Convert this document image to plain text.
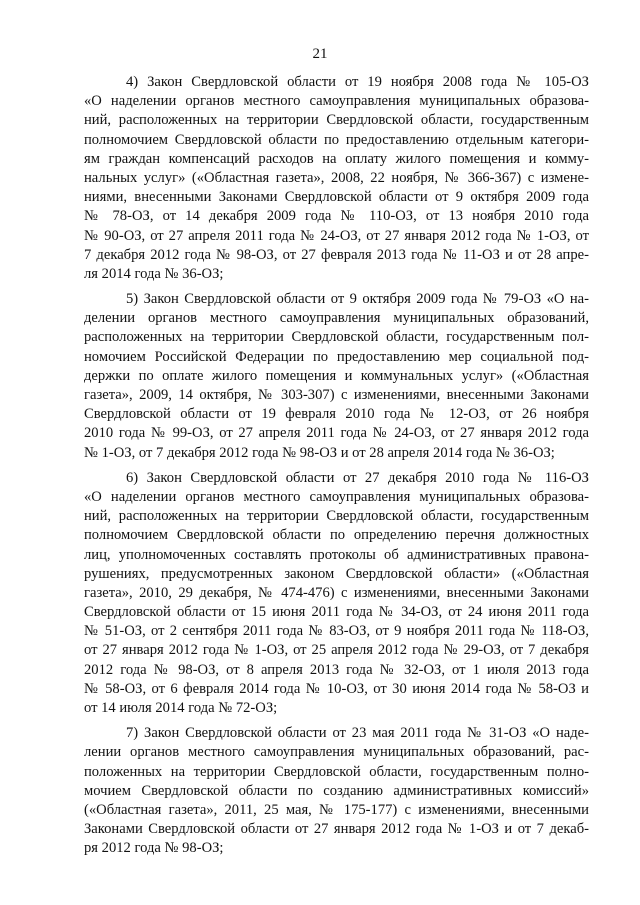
21
4) Закон Свердловской области от 19 ноября 2008 года № 105-ОЗ
«О наделении органов местного самоуправления муниципальных образова-
ний, расположенных на территории Свердловской области, государственным
полномочием Свердловской области по предоставлению отдельным категори-
ям граждан компенсаций расходов на оплату жилого помещения и комму-
нальных услуг» («Областная газета», 2008, 22 ноября, № 366-367) с измене-
ниями, внесенными Законами Свердловской области от 9 октября 2009 года
№ 78-ОЗ, от 14 декабря 2009 года № 110-ОЗ, от 13 ноября 2010 года
№ 90-ОЗ, от 27 апреля 2011 года № 24-ОЗ, от 27 января 2012 года № 1-ОЗ, от
7 декабря 2012 года № 98-ОЗ, от 27 февраля 2013 года № 11-ОЗ и от 28 апре-
ля 2014 года № 36-ОЗ;
5) Закон Свердловской области от 9 октября 2009 года № 79-ОЗ «О на-
делении органов местного самоуправления муниципальных образований,
расположенных на территории Свердловской области, государственным пол-
номочием Российской Федерации по предоставлению мер социальной под-
держки по оплате жилого помещения и коммунальных услуг» («Областная
газета», 2009, 14 октября, № 303-307) с изменениями, внесенными Законами
Свердловской области от 19 февраля 2010 года № 12-ОЗ, от 26 ноября
2010 года № 99-ОЗ, от 27 апреля 2011 года № 24-ОЗ, от 27 января 2012 года
№ 1-ОЗ, от 7 декабря 2012 года № 98-ОЗ и от 28 апреля 2014 года № 36-ОЗ;
6) Закон Свердловской области от 27 декабря 2010 года № 116-ОЗ
«О наделении органов местного самоуправления муниципальных образова-
ний, расположенных на территории Свердловской области, государственным
полномочием Свердловской области по определению перечня должностных
лиц, уполномоченных составлять протоколы об административных правона-
рушениях, предусмотренных законом Свердловской области» («Областная
газета», 2010, 29 декабря, № 474-476) с изменениями, внесенными Законами
Свердловской области от 15 июня 2011 года № 34-ОЗ, от 24 июня 2011 года
№ 51-ОЗ, от 2 сентября 2011 года № 83-ОЗ, от 9 ноября 2011 года № 118-ОЗ,
от 27 января 2012 года № 1-ОЗ, от 25 апреля 2012 года № 29-ОЗ, от 7 декабря
2012 года № 98-ОЗ, от 8 апреля 2013 года № 32-ОЗ, от 1 июля 2013 года
№ 58-ОЗ, от 6 февраля 2014 года № 10-ОЗ, от 30 июня 2014 года № 58-ОЗ и
от 14 июля 2014 года № 72-ОЗ;
7) Закон Свердловской области от 23 мая 2011 года № 31-ОЗ «О наде-
лении органов местного самоуправления муниципальных образований, рас-
положенных на территории Свердловской области, государственным полно-
мочием Свердловской области по созданию административных комиссий»
(«Областная газета», 2011, 25 мая, № 175-177) с изменениями, внесенными
Законами Свердловской области от 27 января 2012 года № 1-ОЗ и от 7 декаб-
ря 2012 года № 98-ОЗ;
